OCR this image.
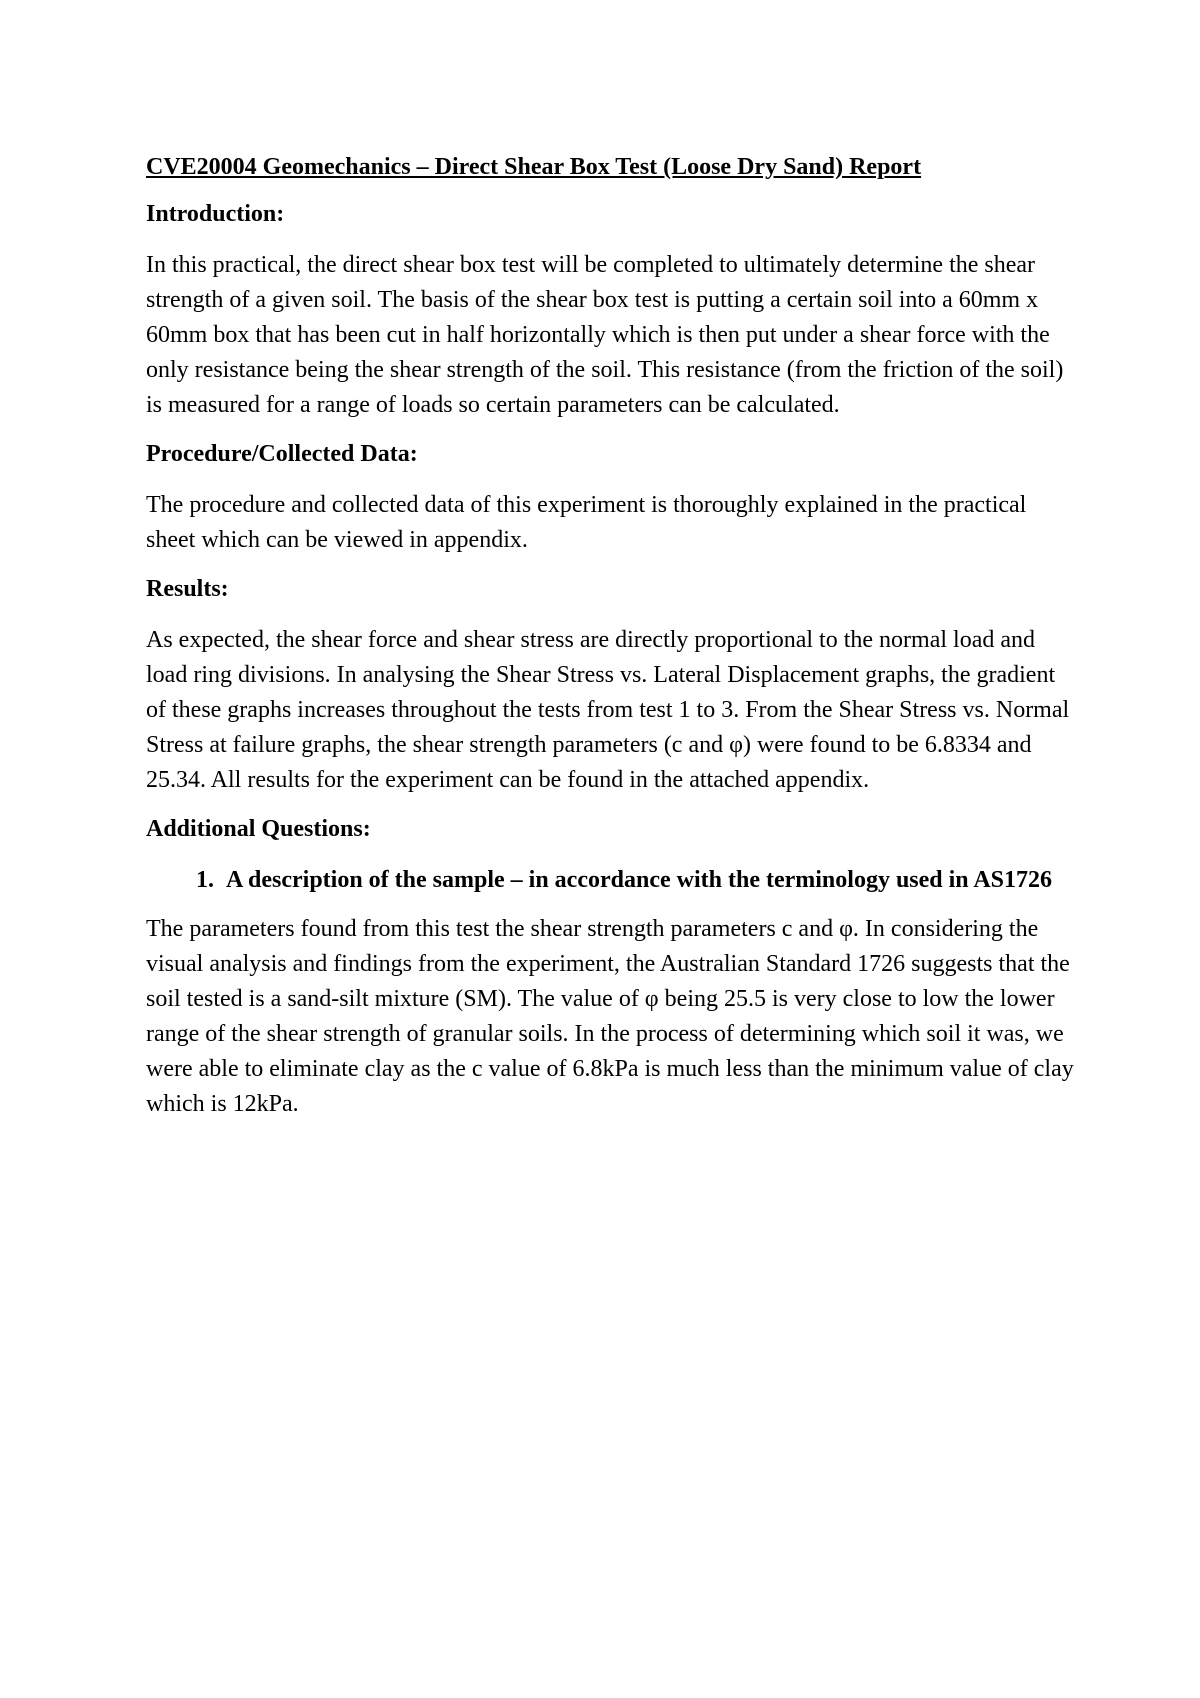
CVE20004 Geomechanics – Direct Shear Box Test (Loose Dry Sand) Report
Introduction:

In this practical, the direct shear box test will be completed to ultimately determine the shear strength of a given soil. The basis of the shear box test is putting a certain soil into a 60mm x 60mm box that has been cut in half horizontally which is then put under a shear force with the only resistance being the shear strength of the soil. This resistance (from the friction of the soil) is measured for a range of loads so certain parameters can be calculated.

Procedure/Collected Data:

The procedure and collected data of this experiment is thoroughly explained in the practical sheet which can be viewed in appendix.

Results:

As expected, the shear force and shear stress are directly proportional to the normal load and load ring divisions. In analysing the Shear Stress vs. Lateral Displacement graphs, the gradient of these graphs increases throughout the tests from test 1 to 3. From the Shear Stress vs. Normal Stress at failure graphs, the shear strength parameters (c and φ) were found to be 6.8334 and 25.34. All results for the experiment can be found in the attached appendix.

Additional Questions:
1. A description of the sample – in accordance with the terminology used in AS1726

The parameters found from this test the shear strength parameters c and φ. In considering the visual analysis and findings from the experiment, the Australian Standard 1726 suggests that the soil tested is a sand-silt mixture (SM). The value of φ being 25.5 is very close to low the lower range of the shear strength of granular soils. In the process of determining which soil it was, we were able to eliminate clay as the c value of 6.8kPa is much less than the minimum value of clay which is 12kPa.
